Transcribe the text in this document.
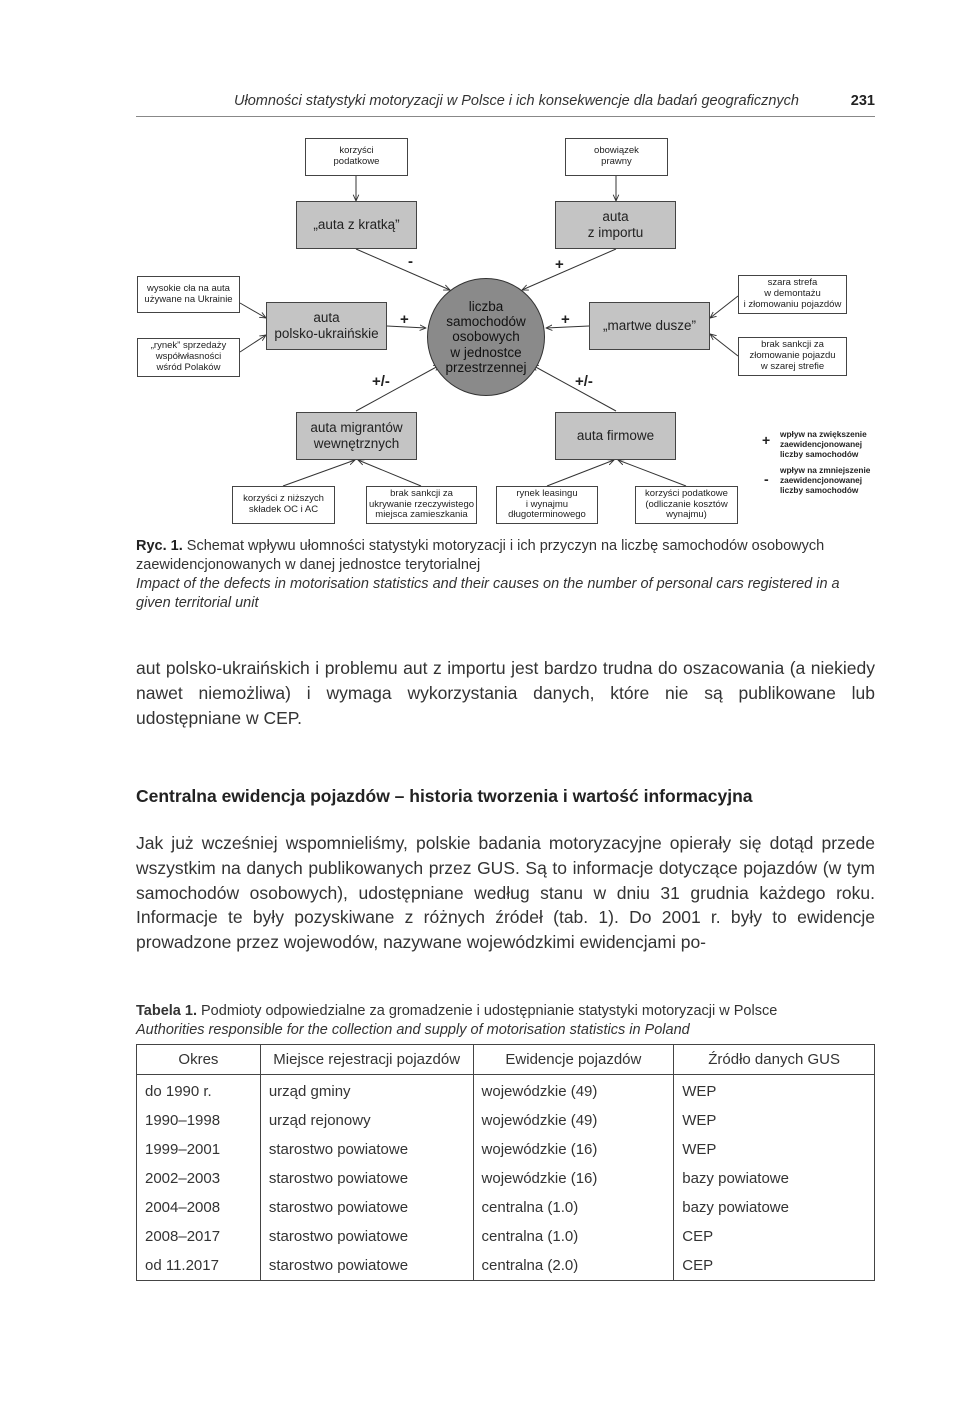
Ułomności statystyki motoryzacji w Polsce i ich konsekwencje dla badań geograficznych	231
korzyści
podatkowe
obowiązek
prawny
wysokie cła na auta
używane na Ukrainie
„rynek” sprzedaży
współwłasności
wśród Polaków
szara strefa
w demontażu
i złomowaniu pojazdów
brak sankcji za
złomowanie pojazdu
w szarej strefie
korzyści z niższych
składek OC i AC
brak sankcji za
ukrywanie rzeczywistego
miejsca zamieszkania
rynek leasingu
i wynajmu
długoterminowego
korzyści podatkowe
(odliczanie kosztów
wynajmu)
„auta z kratką”
auta
z importu
auta
polsko-ukraińskie
„martwe dusze”
auta migrantów
wewnętrznych
auta firmowe
liczba
samochodów
osobowych
w jednostce
przestrzennej
-	+
+	+
+/-	+/-
+ wpływ na zwiększenie
zaewidencjonowanej
liczby samochodów
-
wpływ na zmniejszenie
zaewidencjonowanej
liczby samochodów
Ryc. 1. Schemat wpływu ułomności statystyki motoryzacji i ich przyczyn na liczbę samochodów osobowych zaewidencjonowanych w danej jednostce terytorialnej
Impact of the defects in motorisation statistics and their causes on the number of personal cars registered in a given territorial unit

aut polsko-ukraińskich i problemu aut z importu jest bardzo trudna do oszacowania (a niekiedy nawet niemożliwa) i wymaga wykorzystania danych, które nie są publikowane lub udostępniane w CEP.

Centralna ewidencja pojazdów – historia tworzenia i wartość informacyjna

Jak już wcześniej wspomnieliśmy, polskie badania motoryzacyjne opierały się dotąd przede wszystkim na danych publikowanych przez GUS. Są to informacje dotyczące pojazdów (w tym samochodów osobowych), udostępniane według stanu w dniu 31 grudnia każdego roku. Informacje te były pozyskiwane z różnych źródeł (tab. 1). Do 2001 r. były to ewidencje prowadzone przez wojewodów, nazywane wojewódzkimi ewidencjami po-

Tabela 1. Podmioty odpowiedzialne za gromadzenie i udostępnianie statystyki motoryzacji w Polsce
Authorities responsible for the collection and supply of motorisation statistics in Poland
Okres	Miejsce rejestracji pojazdów	Ewidencje pojazdów	Źródło danych GUS
do 1990 r.	urząd gminy	wojewódzkie (49)	WEP
1990–1998	urząd rejonowy	wojewódzkie (49)	WEP
1999–2001	starostwo powiatowe	wojewódzkie (16)	WEP
2002–2003	starostwo powiatowe	wojewódzkie (16)	bazy powiatowe
2004–2008	starostwo powiatowe	centralna (1.0)	bazy powiatowe
2008–2017	starostwo powiatowe	centralna (1.0)	CEP
od 11.2017	starostwo powiatowe	centralna (2.0)	CEP
